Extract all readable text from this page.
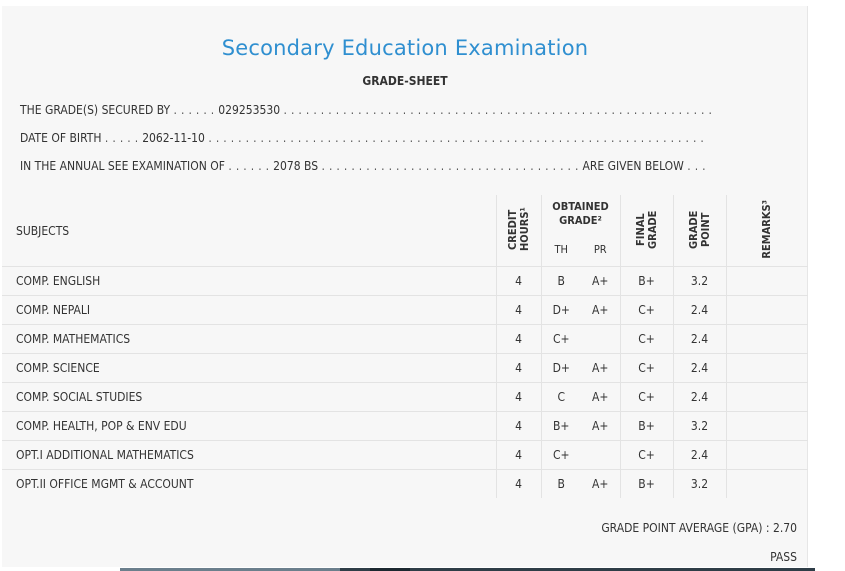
Secondary Education Examination
GRADE-SHEET
THE GRADE(S) SECURED BY . . . . . . 029253530 . . . . . . . . . . . . . . . . . . . . . . . . . . . . . . . . . . . . . . . . . . . . . . . . . . . . . . . . . .
DATE OF BIRTH . . . . . 2062-11-10 . . . . . . . . . . . . . . . . . . . . . . . . . . . . . . . . . . . . . . . . . . . . . . . . . . . . . . . . . . . . . . . . . . .
IN THE ANNUAL SEE EXAMINATION OF . . . . . . 2078 BS . . . . . . . . . . . . . . . . . . . . . . . . . . . . . . . . . . . ARE GIVEN BELOW . . .
SUBJECTS	CREDIT HOURS¹	OBTAINED GRADE²		FINAL GRADE	GRADE POINT	REMARKS³
		TH	PR			
COMP. ENGLISH	4	B	A+	B+	3.2	
COMP. NEPALI	4	D+	A+	C+	2.4	
COMP. MATHEMATICS	4	C+		C+	2.4	
COMP. SCIENCE	4	D+	A+	C+	2.4	
COMP. SOCIAL STUDIES	4	C	A+	C+	2.4	
COMP. HEALTH, POP & ENV EDU	4	B+	A+	B+	3.2	
OPT.I ADDITIONAL MATHEMATICS	4	C+		C+	2.4	
OPT.II OFFICE MGMT & ACCOUNT	4	B	A+	B+	3.2	
GRADE POINT AVERAGE (GPA) : 2.70
PASS
